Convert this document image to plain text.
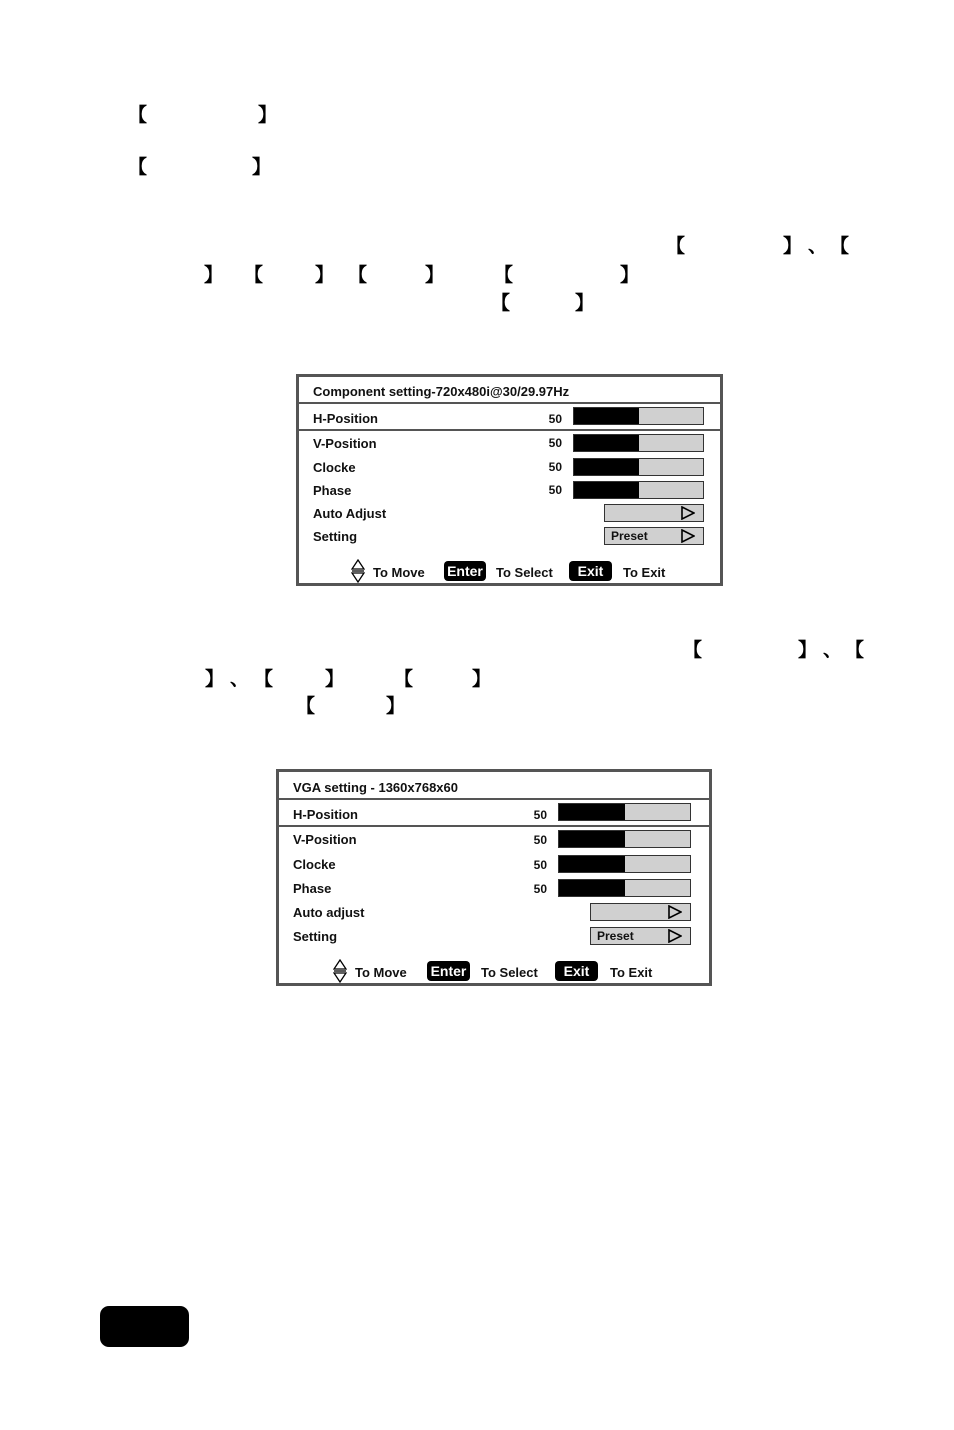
【	】
【	】
【	】 、 【
】 【	】 【	】	【	】
【	】
Component setting-720x480i@30/29.97Hz
H-Position	50
V-Position	50
Clocke	50
Phase	50
Auto Adjust
Setting	Preset
To Move Enter To Select	Exit	To Exit
【	】 、 【
】 、 【	】	【	】
【	】
VGA setting - 1360x768x60
H-Position	50
V-Position	50
Clocke	50
Phase	50
Auto adjust
Setting	Preset
To Move Enter To Select	Exit	To Exit
